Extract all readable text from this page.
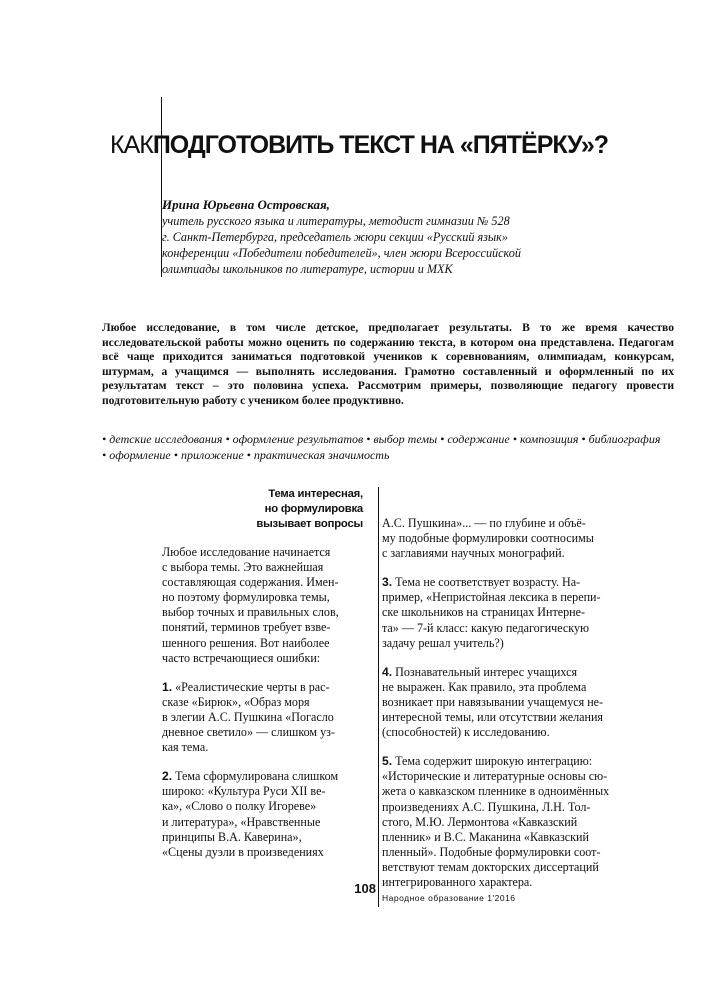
КАКПОДГОТОВИТЬ ТЕКСТ НА «ПЯТЁРКУ»?
Ирина Юрьевна Островская,
учитель русского языка и литературы, методист гимназии № 528
г. Санкт-Петербурга, председатель жюри секции «Русский язык»
конференции «Победители победителей», член жюри Всероссийской
олимпиады школьников по литературе, истории и МХК
Любое исследование, в том числе детское, предполагает результаты. В то же время качество исследовательской работы можно оценить по содержанию текста, в котором она представлена. Педагогам всё чаще приходится заниматься подготовкой учеников к соревнованиям, олимпиадам, конкурсам, штурмам, а учащимся — выполнять исследования. Грамотно составленный и оформленный по их результатам текст – это половина успеха. Рассмотрим примеры, позволяющие педагогу провести подготовительную работу с учеником более продуктивно.
• детские исследования • оформление результатов • выбор темы • содержание • композиция • библиография • оформление • приложение • практическая значимость
Тема интересная,
но формулировка
вызывает вопросы

Любое исследование начинается
с выбора темы. Это важнейшая
составляющая содержания. Имен-
но поэтому формулировка темы,
выбор точных и правильных слов,
понятий, терминов требует взве-
шенного решения. Вот наиболее
часто встречающиеся ошибки:

1. «Реалистические черты в рас-
сказе «Бирюк», «Образ моря
в элегии А.С. Пушкина «Погасло
дневное светило» — слишком уз-
кая тема.

2. Тема сформулирована слишком
широко: «Культура Руси XII ве-
ка», «Слово о полку Игореве»
и литература», «Нравственные
принципы В.А. Каверина»,
«Сцены дуэли в произведениях

А.С. Пушкина»... — по глубине и объё-
му подобные формулировки соотносимы
с заглавиями научных монографий.

3. Тема не соответствует возрасту. На-
пример, «Непристойная лексика в перепи-
ске школьников на страницах Интерне-
та» — 7-й класс: какую педагогическую
задачу решал учитель?)

4. Познавательный интерес учащихся
не выражен. Как правило, эта проблема
возникает при навязывании учащемуся не-
интересной темы, или отсутствии желания
(способностей) к исследованию.

5. Тема содержит широкую интеграцию:
«Исторические и литературные основы сю-
жета о кавказском пленнике в одноимённых
произведениях А.С. Пушкина, Л.Н. Тол-
стого, М.Ю. Лермонтова «Кавказский
пленник» и В.С. Маканина «Кавказский
пленный». Подобные формулировки соот-
ветствуют темам докторских диссертаций
интегрированного характера.

108
Народное образование 1'2016
